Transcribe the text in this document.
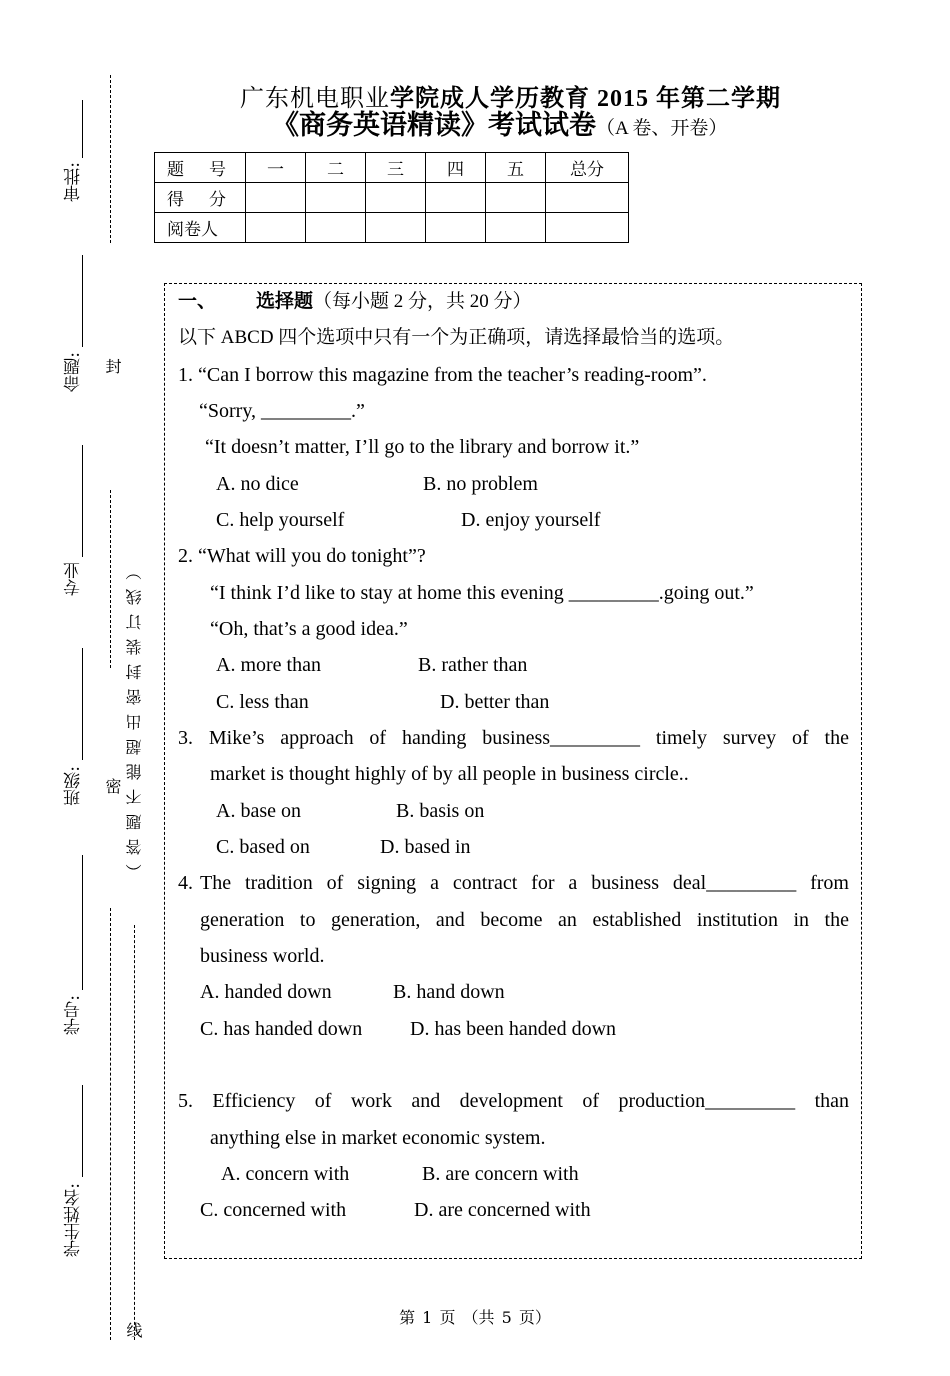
审批:
命题:
专业
班级:
学号:
学生姓名:
封
密
线
（答题不能超出密封装订线）
广东机电职业学院成人学历教育 2015 年第二学期
《商务英语精读》考试试卷（A 卷、开卷）
题　号	一	二	三	四	五	总分
得　分						
阅卷人						
一、 选择题（每小题 2 分，共 20 分）
以下 ABCD 四个选项中只有一个为正确项，请选择最恰当的选项。
1. “Can I borrow this magazine from the teacher’s reading-room”.
“Sorry, _________.”
“It doesn’t matter, I’ll go to the library and borrow it.”
A. no dice	B. no problem
C. help yourself	D. enjoy yourself
2. “What will you do tonight”?
“I think I’d like to stay at home this evening _________.going out.”
“Oh, that’s a good idea.”
A. more than	B. rather than
C. less than	D. better than
3. Mike’s approach of handing business_________ timely survey of the
market is thought highly of by all people in business circle..
A. base on	B. basis on
C. based on	D. based in
4. The tradition of signing a contract for a business deal_________ from
generation to generation, and become an established institution in the
business world.
A. handed down	B. hand down
C. has handed down D. has been handed down
5. Efficiency of work and development of production_________ than
anything else in market economic system.
A. concern with	B. are concern with
C. concerned with	D. are concerned with
第 1 页 （共 5 页）
